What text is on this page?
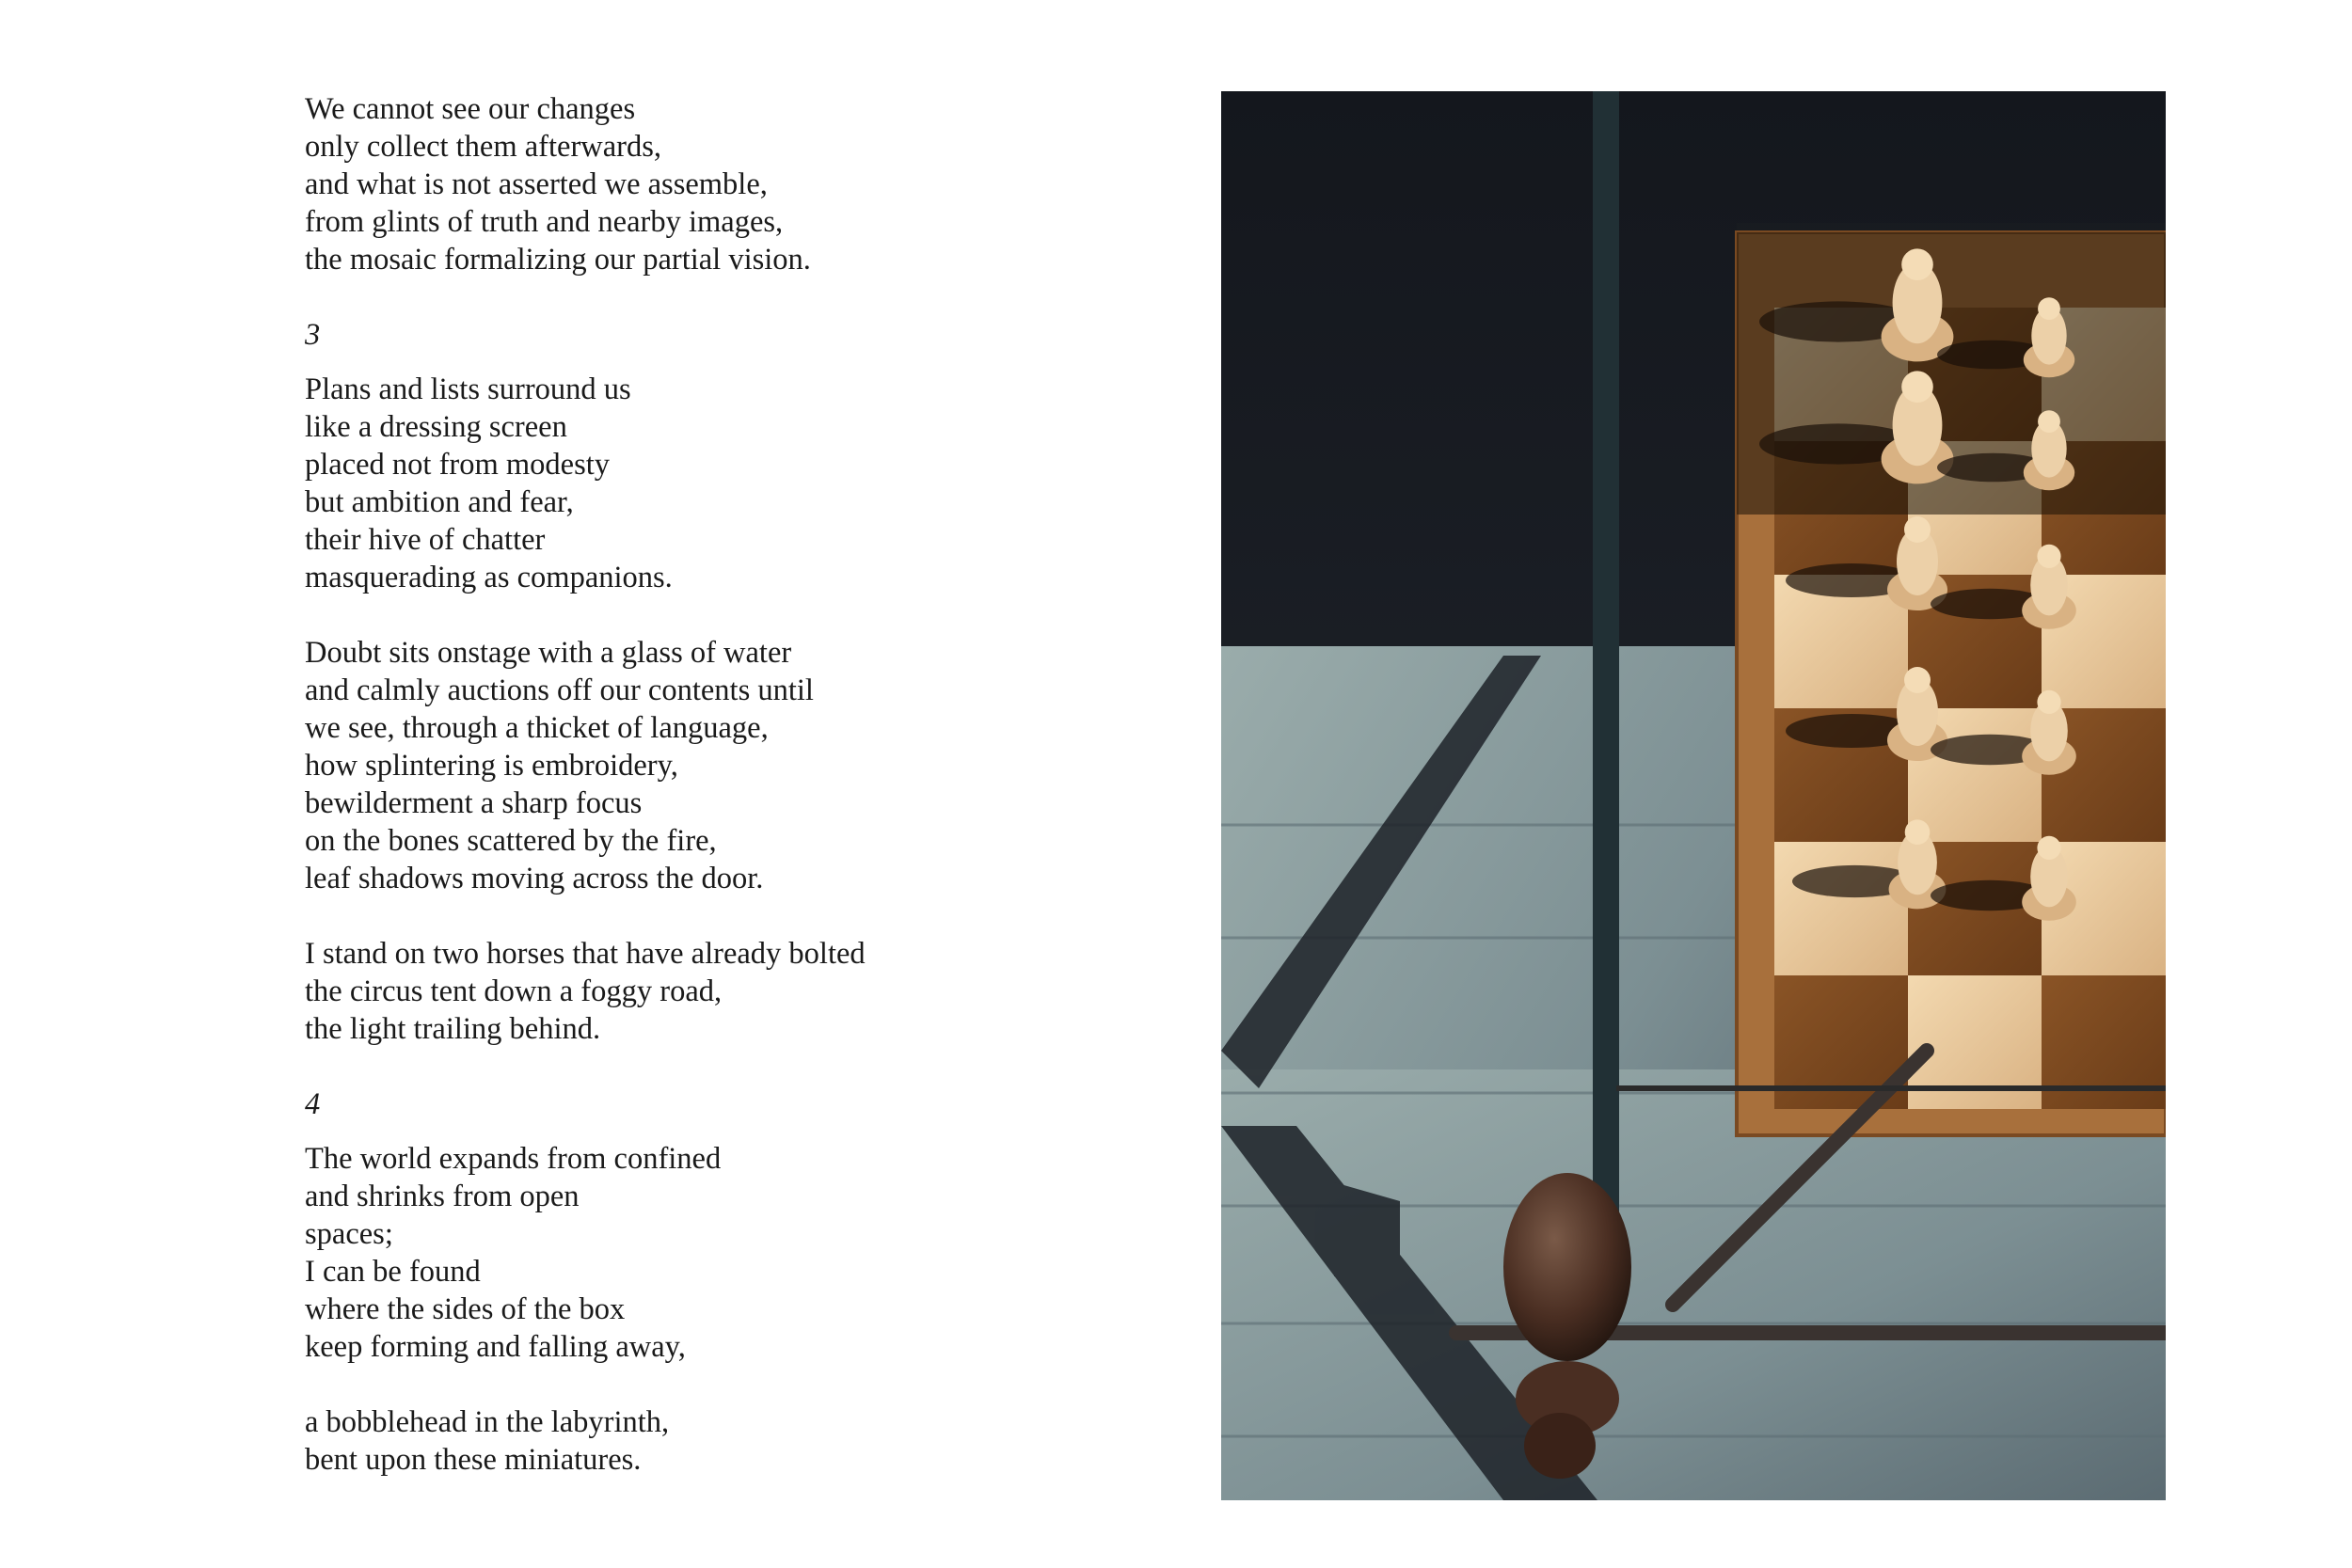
We cannot see our changes
only collect them afterwards,
and what is not asserted we assemble,
from glints of truth and nearby images,
the mosaic formalizing our partial vision.
3
Plans and lists surround us
like a dressing screen
placed not from modesty
but ambition and fear,
their hive of chatter
masquerading as companions.
Doubt sits onstage with a glass of water
and calmly auctions off our contents until
we see, through a thicket of language,
how splintering is embroidery,
bewilderment a sharp focus
on the bones scattered by the fire,
leaf shadows moving across the door.
I stand on two horses that have already bolted
the circus tent down a foggy road,
the light trailing behind.
4
The world expands from confined
and shrinks from open
spaces;
I can be found
where the sides of the box
keep forming and falling away,
a bobblehead in the labyrinth,
bent upon these miniatures.
